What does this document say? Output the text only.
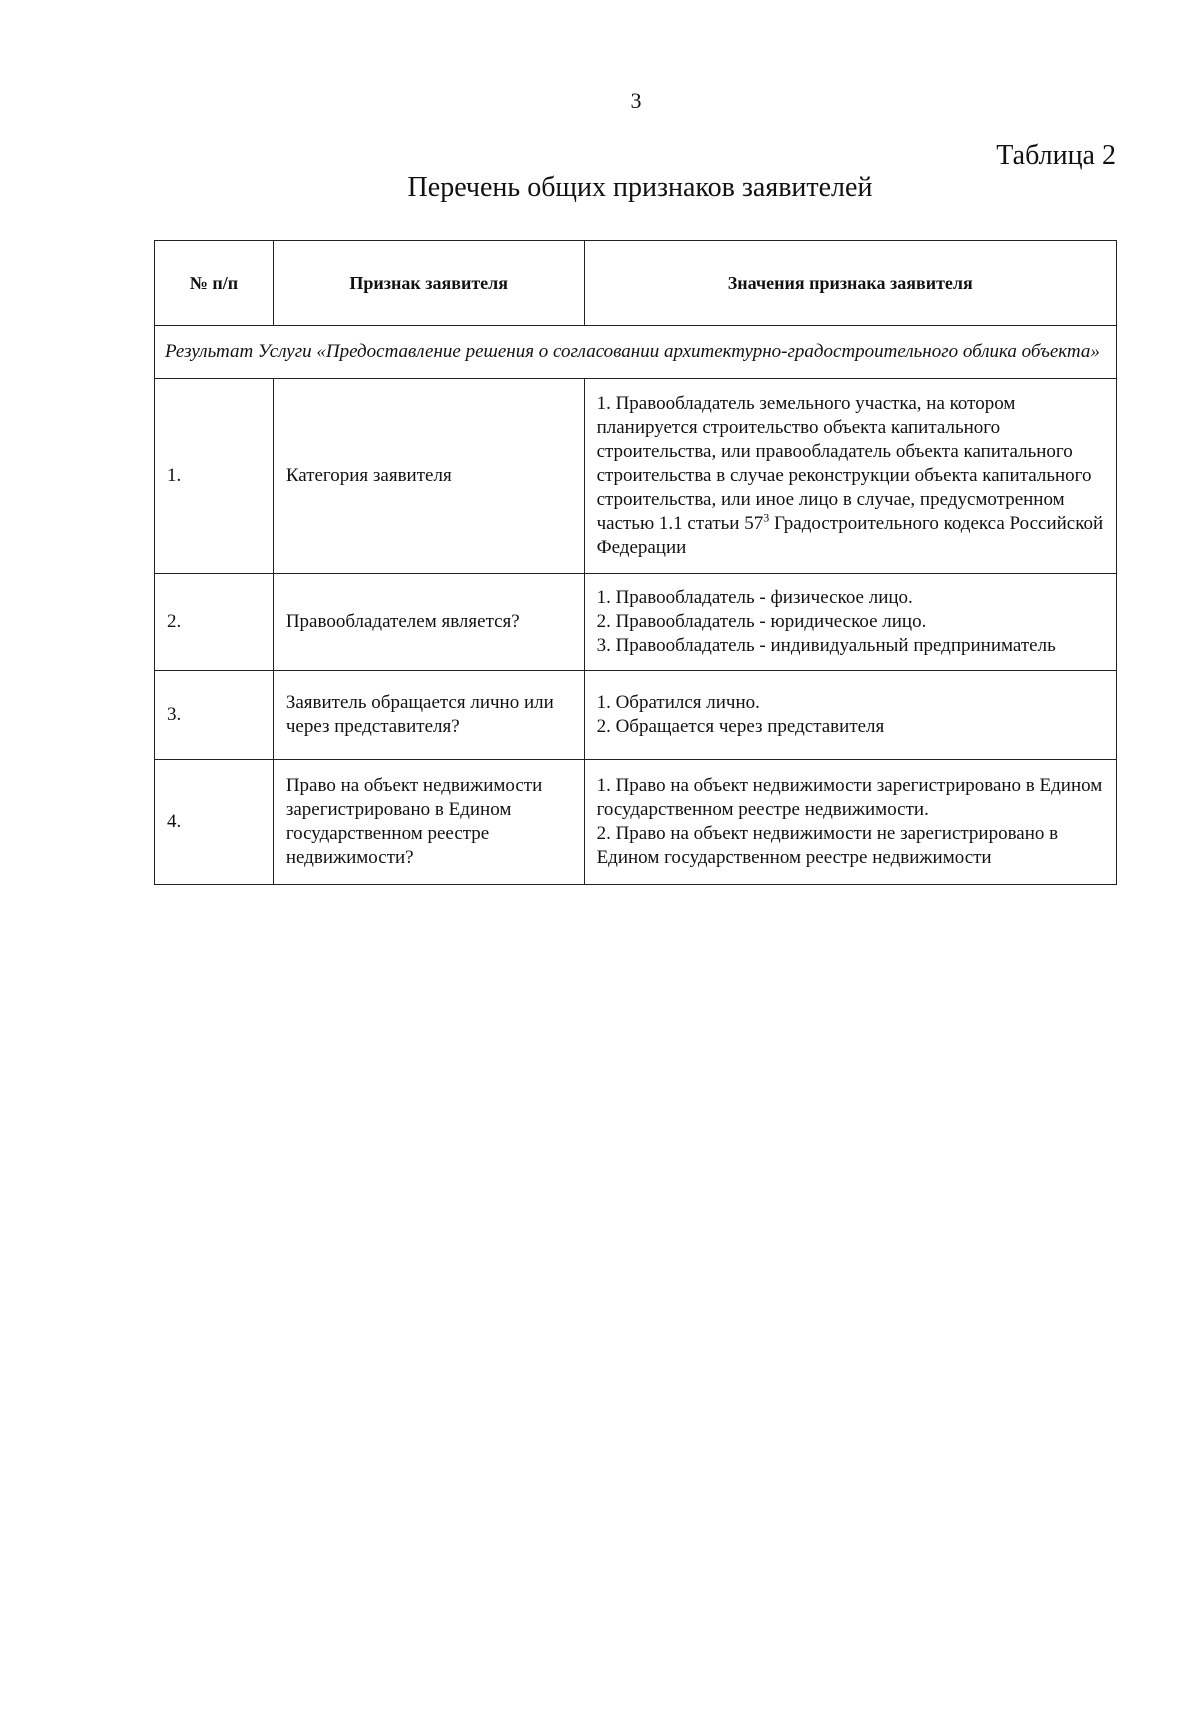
3
Таблица 2
Перечень общих признаков заявителей
№ п/п	Признак заявителя	Значения признака заявителя
Результат Услуги «Предоставление решения о согласовании архитектурно-градостроительного облика объекта»		
1.	Категория заявителя	1. Правообладатель земельного участка, на котором планируется строительство объекта капитального строительства, или правообладатель объекта капитального строительства в случае реконструкции объекта капитального строительства, или иное лицо в случае, предусмотренном частью 1.1 статьи $57^3$ Градостроительного кодекса Российской Федерации
2.	Правообладателем является?	1. Правообладатель - физическое лицо.
2. Правообладатель - юридическое лицо.
3. Правообладатель - индивидуальный предприниматель

3.	Заявитель обращается лично или через представителя?	1. Обратился лично.
2. Обращается через представителя

4.	Право на объект недвижимости зарегистрировано в Едином государственном реестре недвижимости?	1. Право на объект недвижимости зарегистрировано в Едином государственном реестре недвижимости.
2. Право на объект недвижимости не зарегистрировано в Едином государственном реестре недвижимости
